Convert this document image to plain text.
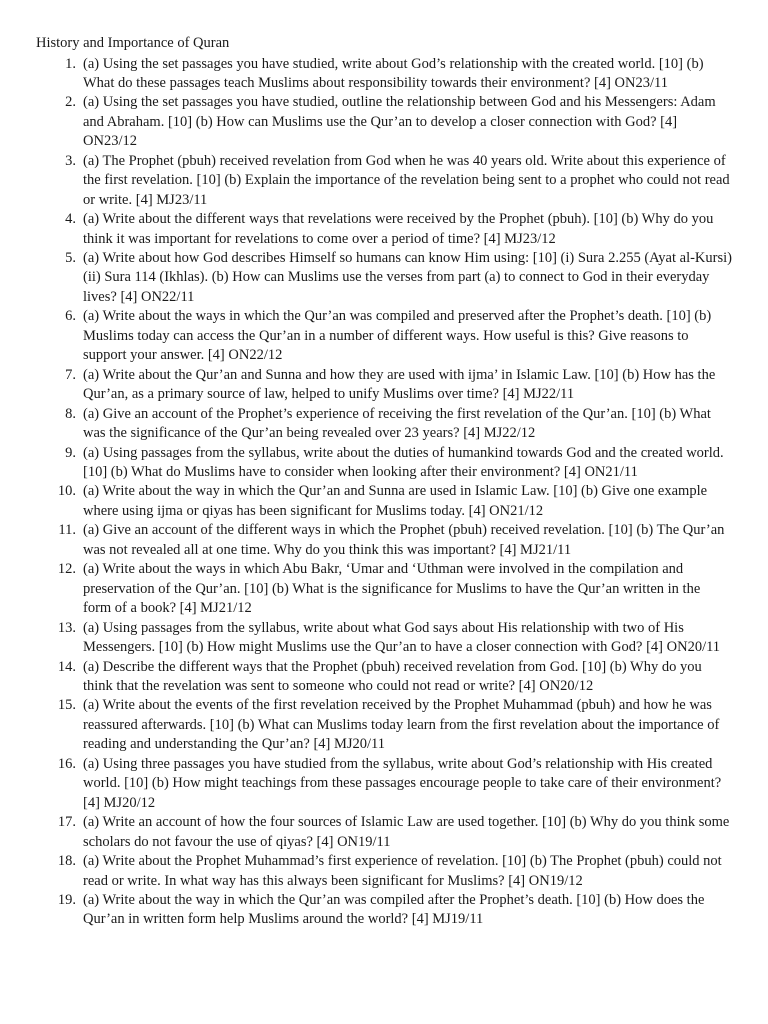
History and Importance of Quran
1. (a) Using the set passages you have studied, write about God’s relationship with the created world. [10] (b) What do these passages teach Muslims about responsibility towards their environment? [4] ON23/11
2. (a) Using the set passages you have studied, outline the relationship between God and his Messengers: Adam and Abraham. [10] (b) How can Muslims use the Qur’an to develop a closer connection with God? [4] ON23/12
3. (a) The Prophet (pbuh) received revelation from God when he was 40 years old. Write about this experience of the first revelation. [10] (b) Explain the importance of the revelation being sent to a prophet who could not read or write. [4] MJ23/11
4. (a) Write about the different ways that revelations were received by the Prophet (pbuh). [10] (b) Why do you think it was important for revelations to come over a period of time? [4] MJ23/12
5. (a) Write about how God describes Himself so humans can know Him using: [10] (i) Sura 2.255 (Ayat al-Kursi) (ii) Sura 114 (Ikhlas). (b) How can Muslims use the verses from part (a) to connect to God in their everyday lives? [4] ON22/11
6. (a) Write about the ways in which the Qur’an was compiled and preserved after the Prophet’s death. [10] (b) Muslims today can access the Qur’an in a number of different ways. How useful is this? Give reasons to support your answer. [4] ON22/12
7. (a) Write about the Qur’an and Sunna and how they are used with ijma’ in Islamic Law. [10] (b) How has the Qur’an, as a primary source of law, helped to unify Muslims over time? [4] MJ22/11
8. (a) Give an account of the Prophet’s experience of receiving the first revelation of the Qur’an. [10] (b) What was the significance of the Qur’an being revealed over 23 years? [4] MJ22/12
9. (a) Using passages from the syllabus, write about the duties of humankind towards God and the created world. [10] (b) What do Muslims have to consider when looking after their environment? [4] ON21/11
10. (a) Write about the way in which the Qur’an and Sunna are used in Islamic Law. [10] (b) Give one example where using ijma or qiyas has been significant for Muslims today. [4] ON21/12
11. (a) Give an account of the different ways in which the Prophet (pbuh) received revelation. [10] (b) The Qur’an was not revealed all at one time. Why do you think this was important? [4] MJ21/11
12. (a) Write about the ways in which Abu Bakr, ‘Umar and ‘Uthman were involved in the compilation and preservation of the Qur’an. [10] (b) What is the significance for Muslims to have the Qur’an written in the form of a book? [4] MJ21/12
13. (a) Using passages from the syllabus, write about what God says about His relationship with two of His Messengers. [10] (b) How might Muslims use the Qur’an to have a closer connection with God? [4] ON20/11
14. (a) Describe the different ways that the Prophet (pbuh) received revelation from God. [10] (b) Why do you think that the revelation was sent to someone who could not read or write? [4] ON20/12
15. (a) Write about the events of the first revelation received by the Prophet Muhammad (pbuh) and how he was reassured afterwards. [10] (b) What can Muslims today learn from the first revelation about the importance of reading and understanding the Qur’an? [4] MJ20/11
16. (a) Using three passages you have studied from the syllabus, write about God’s relationship with His created world. [10] (b) How might teachings from these passages encourage people to take care of their environment? [4] MJ20/12
17. (a) Write an account of how the four sources of Islamic Law are used together. [10] (b) Why do you think some scholars do not favour the use of qiyas? [4] ON19/11
18. (a) Write about the Prophet Muhammad’s first experience of revelation. [10] (b) The Prophet (pbuh) could not read or write. In what way has this always been significant for Muslims? [4] ON19/12
19. (a) Write about the way in which the Qur’an was compiled after the Prophet’s death. [10] (b) How does the Qur’an in written form help Muslims around the world? [4] MJ19/11
